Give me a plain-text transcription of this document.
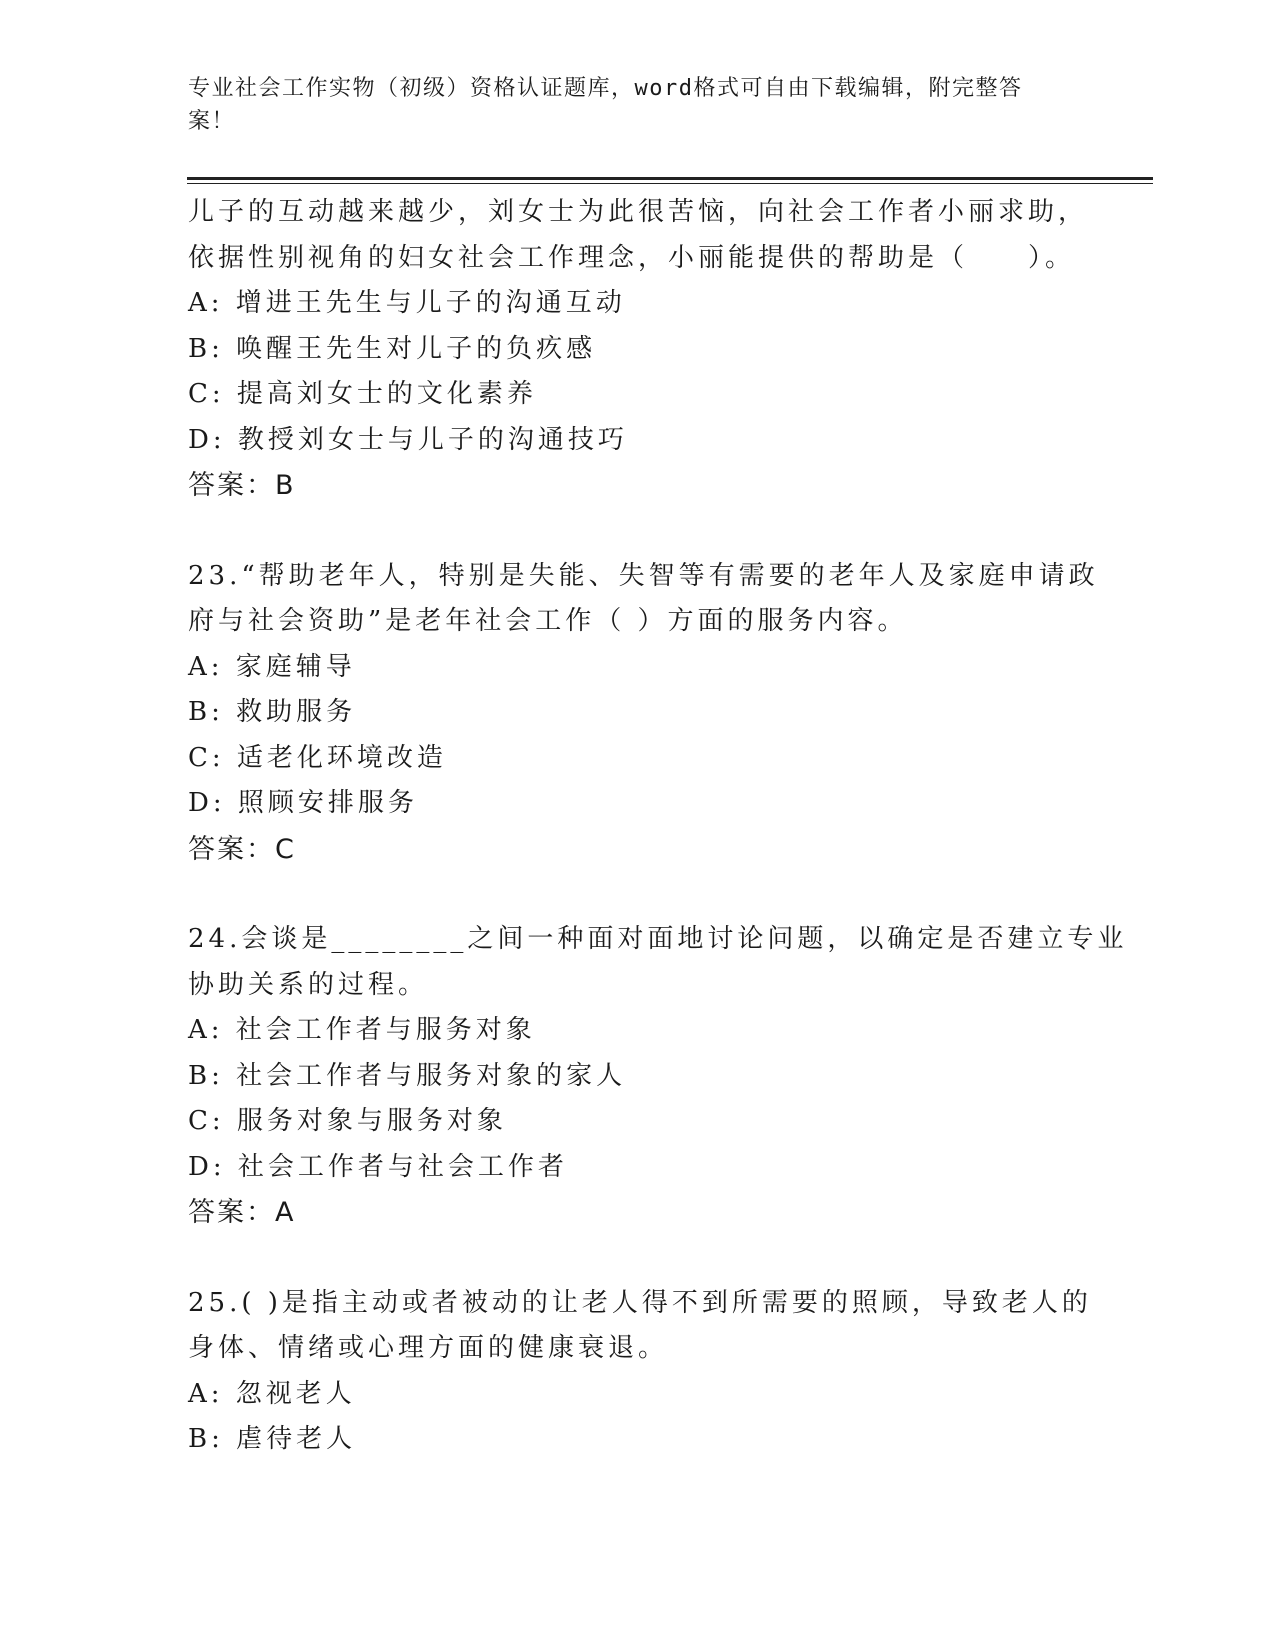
专业社会工作实物（初级）资格认证题库，word格式可自由下载编辑，附完整答
案！
儿子的互动越来越少，刘女士为此很苦恼，向社会工作者小丽求助，
依据性别视角的妇女社会工作理念，小丽能提供的帮助是（　　）。
A: 增进王先生与儿子的沟通互动
B: 唤醒王先生对儿子的负疚感
C: 提高刘女士的文化素养
D: 教授刘女士与儿子的沟通技巧
答案：B
23.“帮助老年人，特别是失能、失智等有需要的老年人及家庭申请政
府与社会资助”是老年社会工作（ ）方面的服务内容。
A: 家庭辅导
B: 救助服务
C: 适老化环境改造
D: 照顾安排服务
答案：C
24.会谈是________之间一种面对面地讨论问题，以确定是否建立专业
协助关系的过程。
A: 社会工作者与服务对象
B: 社会工作者与服务对象的家人
C: 服务对象与服务对象
D: 社会工作者与社会工作者
答案：A
25.( )是指主动或者被动的让老人得不到所需要的照顾，导致老人的
身体、情绪或心理方面的健康衰退。
A: 忽视老人
B: 虐待老人
